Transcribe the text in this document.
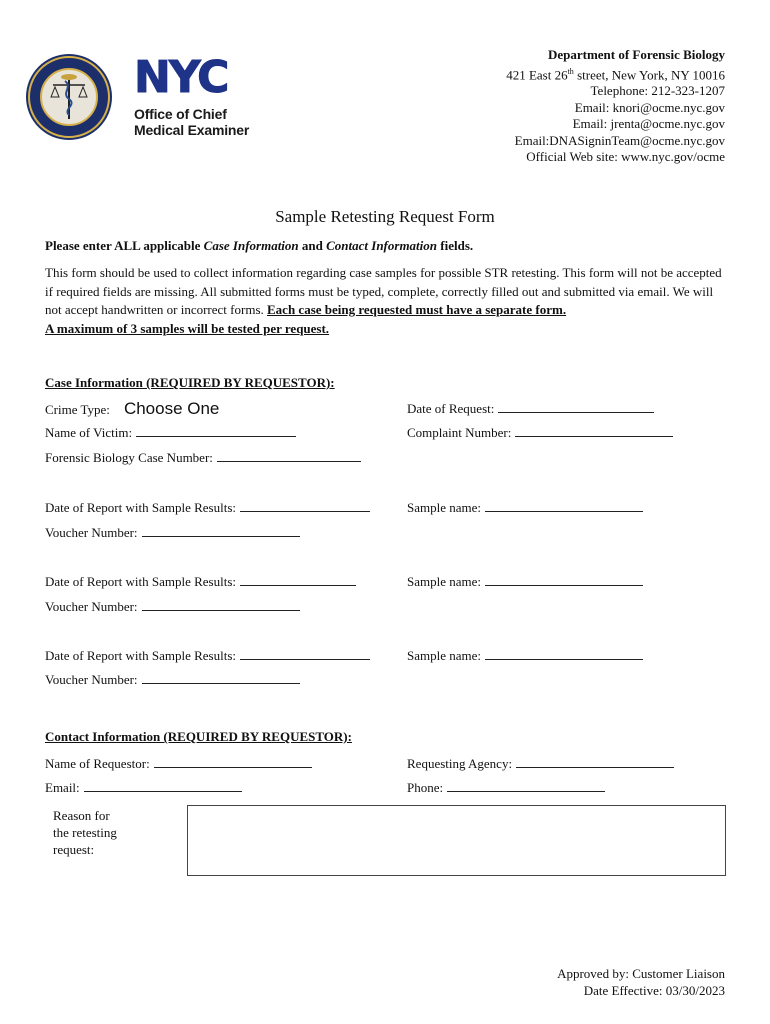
NYC
Office of Chief
Medical Examiner
Department of Forensic Biology
421 East 26th street, New York, NY 10016
Telephone: 212-323-1207
Email: knori@ocme.nyc.gov
Email: jrenta@ocme.nyc.gov
Email:DNASigninTeam@ocme.nyc.gov
Official Web site: www.nyc.gov/ocme
Sample Retesting Request Form
Please enter ALL applicable Case Information and Contact Information fields.
This form should be used to collect information regarding case samples for possible STR retesting. This form will not be accepted if required fields are missing. All submitted forms must be typed, complete, correctly filled out and submitted via email. We will not accept handwritten or incorrect forms. Each case being requested must have a separate form.
A maximum of 3 samples will be tested per request.
Case Information (REQUIRED BY REQUESTOR):
Crime Type: Choose One	Date of Request:
Name of Victim:	Complaint Number:
Forensic Biology Case Number:
Date of Report with Sample Results:	Sample name:
Voucher Number:
Date of Report with Sample Results:	Sample name:
Voucher Number:
Date of Report with Sample Results:	Sample name:
Voucher Number:
Contact Information (REQUIRED BY REQUESTOR):
Name of Requestor:	Requesting Agency:
Email:	Phone:
Reason for
the retesting
request:
Approved by: Customer Liaison
Date Effective: 03/30/2023
